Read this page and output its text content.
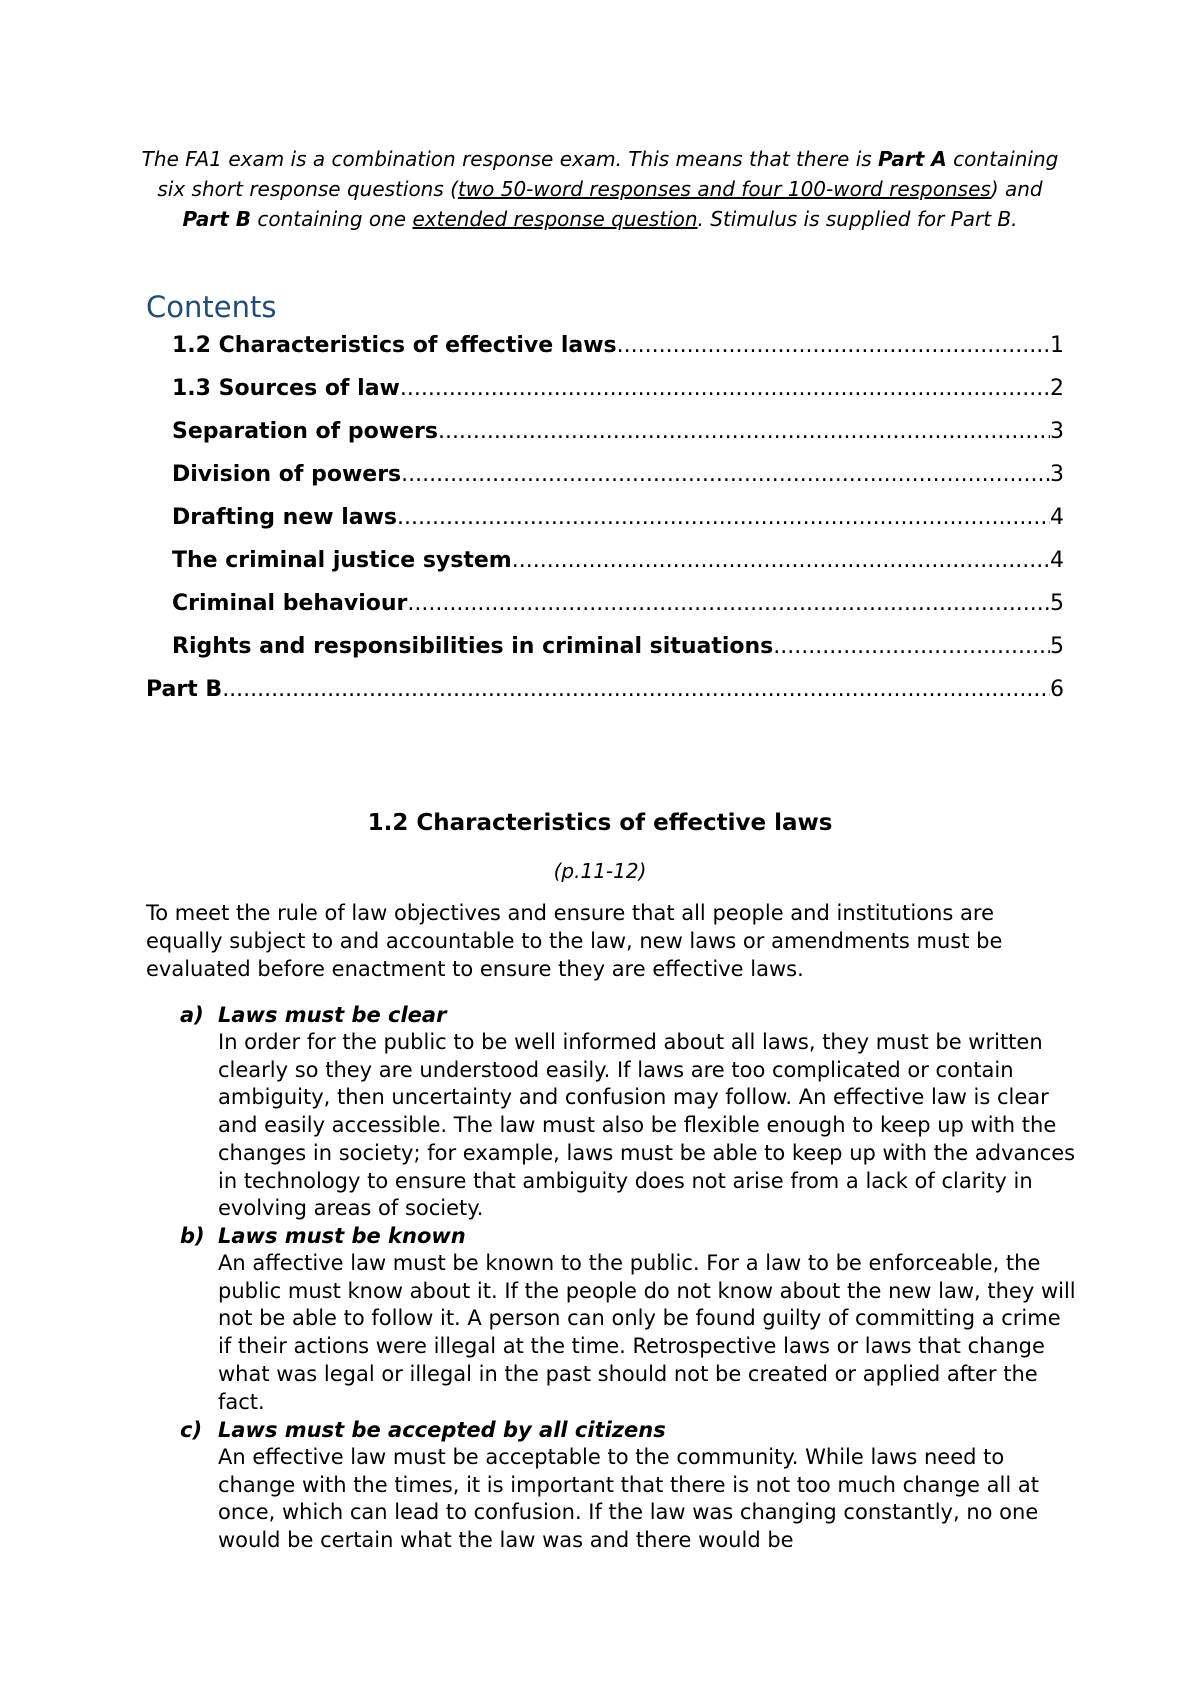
The FA1 exam is a combination response exam. This means that there is Part A containing six short response questions (two 50-word responses and four 100-word responses) and Part B containing one extended response question. Stimulus is supplied for Part B.

Contents
1.2 Characteristics of effective laws .....	1
1.3 Sources of law .....	2
Separation of powers .....	3
Division of powers .....	3
Drafting new laws .....	4
The criminal justice system .....	4
Criminal behaviour .....	5
Rights and responsibilities in criminal situations .....	5
Part B .....	6
1.2 Characteristics of effective laws
(p.11-12)

To meet the rule of law objectives and ensure that all people and institutions are equally subject to and accountable to the law, new laws or amendments must be evaluated before enactment to ensure they are effective laws.

a) Laws must be clear
In order for the public to be well informed about all laws, they must be written clearly so they are understood easily. If laws are too complicated or contain ambiguity, then uncertainty and confusion may follow. An effective law is clear and easily accessible. The law must also be flexible enough to keep up with the changes in society; for example, laws must be able to keep up with the advances in technology to ensure that ambiguity does not arise from a lack of clarity in evolving areas of society.
b) Laws must be known
An affective law must be known to the public. For a law to be enforceable, the public must know about it. If the people do not know about the new law, they will not be able to follow it. A person can only be found guilty of committing a crime if their actions were illegal at the time. Retrospective laws or laws that change what was legal or illegal in the past should not be created or applied after the fact.
c) Laws must be accepted by all citizens
An effective law must be acceptable to the community. While laws need to change with the times, it is important that there is not too much change all at once, which can lead to confusion. If the law was changing constantly, no one would be certain what the law was and there would be
